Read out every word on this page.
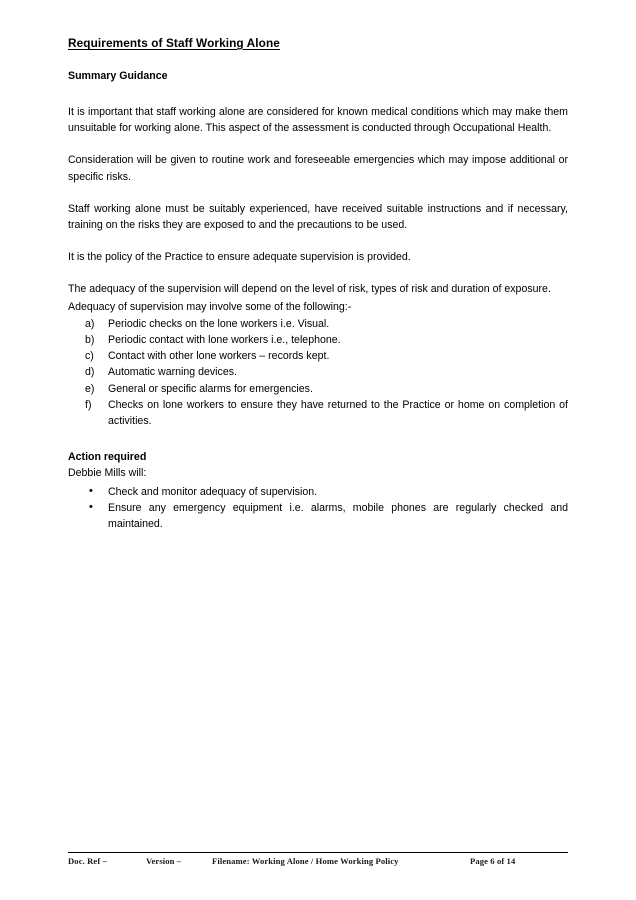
Requirements of Staff Working Alone
Summary Guidance

It is important that staff working alone are considered for known medical conditions which may make them unsuitable for working alone. This aspect of the assessment is conducted through Occupational Health.

Consideration will be given to routine work and foreseeable emergencies which may impose additional or specific risks.

Staff working alone must be suitably experienced, have received suitable instructions and if necessary, training on the risks they are exposed to and the precautions to be used.

It is the policy of the Practice to ensure adequate supervision is provided.

The adequacy of the supervision will depend on the level of risk, types of risk and duration of exposure.

Adequacy of supervision may involve some of the following:-

a)	Periodic checks on the lone workers i.e. Visual.
b)	Periodic contact with lone workers i.e., telephone.
c)	Contact with other lone workers – records kept.
d)	Automatic warning devices.
e)	General or specific alarms for emergencies.
f)	Checks on lone workers to ensure they have returned to the Practice or home on completion of activities.
Action required

Debbie Mills will:

• Check and monitor adequacy of supervision.
• Ensure any emergency equipment i.e. alarms, mobile phones are regularly checked and maintained.
Doc. Ref –	Version –	Filename: Working Alone / Home Working Policy	Page 6 of 14
